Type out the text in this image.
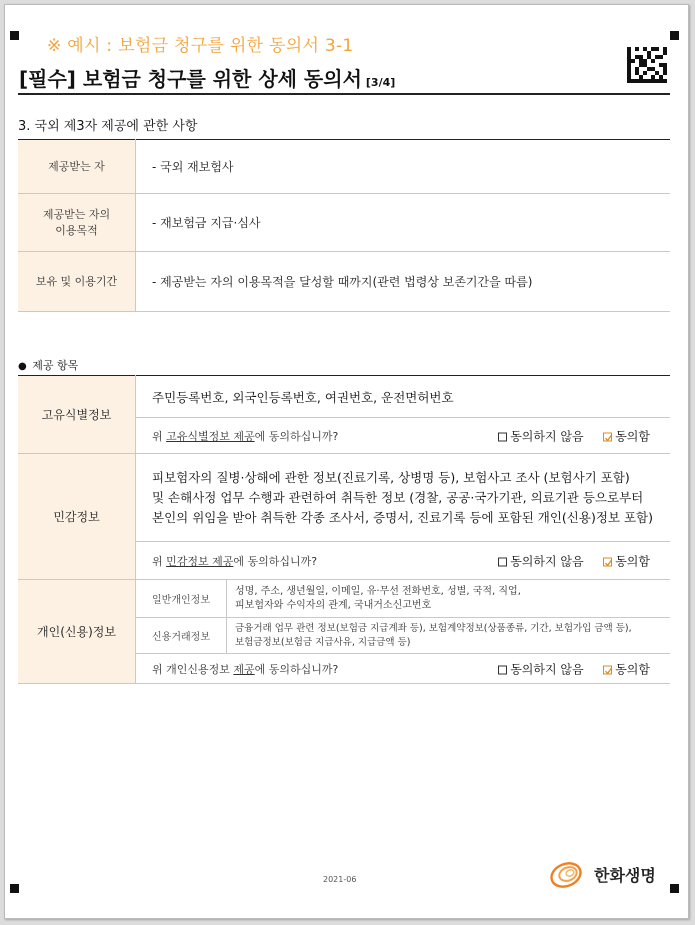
※ 예시 : 보험금 청구를 위한 동의서 3-1
[필수] 보험금 청구를 위한 상세 동의서 [3/4]
3. 국외 제3자 제공에 관한 사항
제공받는 자	- 국외 재보험사
제공받는 자의
이용목적	- 재보험금 지급·심사
보유 및 이용기간	- 제공받는 자의 이용목적을 달성할 때까지(관련 법령상 보존기간을 따름)
● 제공 항목
고유식별정보	주민등록번호, 외국인등록번호, 여권번호, 운전면허번호	
	위 고유식별정보 제공에 동의하십니까? 동의하지 않음 동의함	

민감정보	피보험자의 질병·상해에 관한 정보(진료기록, 상병명 등), 보험사고 조사 (보험사기 포함)
및 손해사정 업무 수행과 관련하여 취득한 정보 (경찰, 공공·국가기관, 의료기관 등으로부터
본인의 위임을 받아 취득한 각종 조사서, 증명서, 진료기록 등에 포함된 개인(신용)정보 포함)	
	위 민감정보 제공에 동의하십니까? 동의하지 않음 동의함	

개인(신용)정보	일반개인정보	성명, 주소, 생년월일, 이메일, 유·무선 전화번호, 성별, 국적, 직업,
피보험자와 수익자의 관계, 국내거소신고번호
	신용거래정보	금융거래 업무 관련 정보(보험금 지급계좌 등), 보험계약정보(상품종류, 기간, 보험가입 금액 등),
보험금정보(보험금 지급사유, 지급금액 등)
	위 개인신용정보 제공에 동의하십니까? 동의하지 않음 동의함	
2021-06	한화생명
